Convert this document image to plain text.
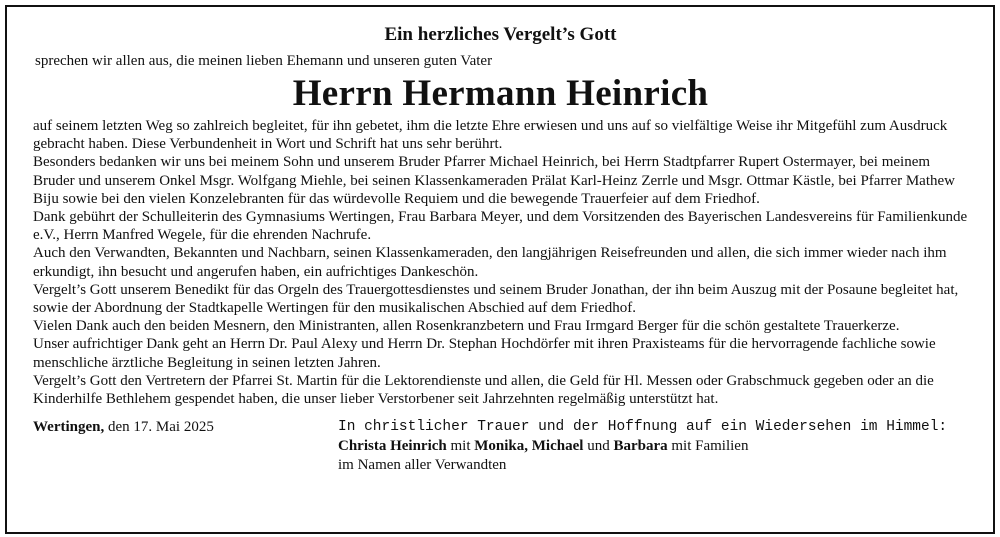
Ein herzliches Vergelt’s Gott
sprechen wir allen aus, die meinen lieben Ehemann und unseren guten Vater
Herrn Hermann Heinrich

auf seinem letzten Weg so zahlreich begleitet, für ihn gebetet, ihm die letzte Ehre erwiesen und uns auf so vielfältige Weise ihr Mitgefühl zum Ausdruck gebracht haben. Diese Verbundenheit in Wort und Schrift hat uns sehr berührt.

Besonders bedanken wir uns bei meinem Sohn und unserem Bruder Pfarrer Michael Heinrich, bei Herrn Stadtpfarrer Rupert Ostermayer, bei meinem Bruder und unserem Onkel Msgr. Wolfgang Miehle, bei seinen Klassenkameraden Prälat Karl-Heinz Zerrle und Msgr. Ottmar Kästle, bei Pfarrer Mathew Biju sowie bei den vielen Konzelebranten für das würdevolle Requiem und die bewegende Trauerfeier auf dem Friedhof.

Dank gebührt der Schulleiterin des Gymnasiums Wertingen, Frau Barbara Meyer, und dem Vorsitzenden des Bayerischen Landesvereins für Familienkunde e.V., Herrn Manfred Wegele, für die ehrenden Nachrufe.

Auch den Verwandten, Bekannten und Nachbarn, seinen Klassenkameraden, den langjährigen Reisefreunden und allen, die sich immer wieder nach ihm erkundigt, ihn besucht und angerufen haben, ein aufrichtiges Dankeschön.

Vergelt’s Gott unserem Benedikt für das Orgeln des Trauergottesdienstes und seinem Bruder Jonathan, der ihn beim Auszug mit der Posaune begleitet hat, sowie der Abordnung der Stadtkapelle Wertingen für den musikalischen Abschied auf dem Friedhof.

Vielen Dank auch den beiden Mesnern, den Ministranten, allen Rosenkranzbetern und Frau Irmgard Berger für die schön gestaltete Trauerkerze.

Unser aufrichtiger Dank geht an Herrn Dr. Paul Alexy und Herrn Dr. Stephan Hochdörfer mit ihren Praxisteams für die hervorragende fachliche sowie menschliche ärztliche Begleitung in seinen letzten Jahren.

Vergelt’s Gott den Vertretern der Pfarrei St. Martin für die Lektorendienste und allen, die Geld für Hl. Messen oder Grabschmuck gegeben oder an die Kinderhilfe Bethlehem gespendet haben, die unser lieber Verstorbener seit Jahrzehnten regelmäßig unterstützt hat.

Wertingen, den 17. Mai 2025	In christlicher Trauer und der Hoffnung auf ein Wiedersehen im Himmel:
Christa Heinrich mit Monika, Michael und Barbara mit Familien
im Namen aller Verwandten
